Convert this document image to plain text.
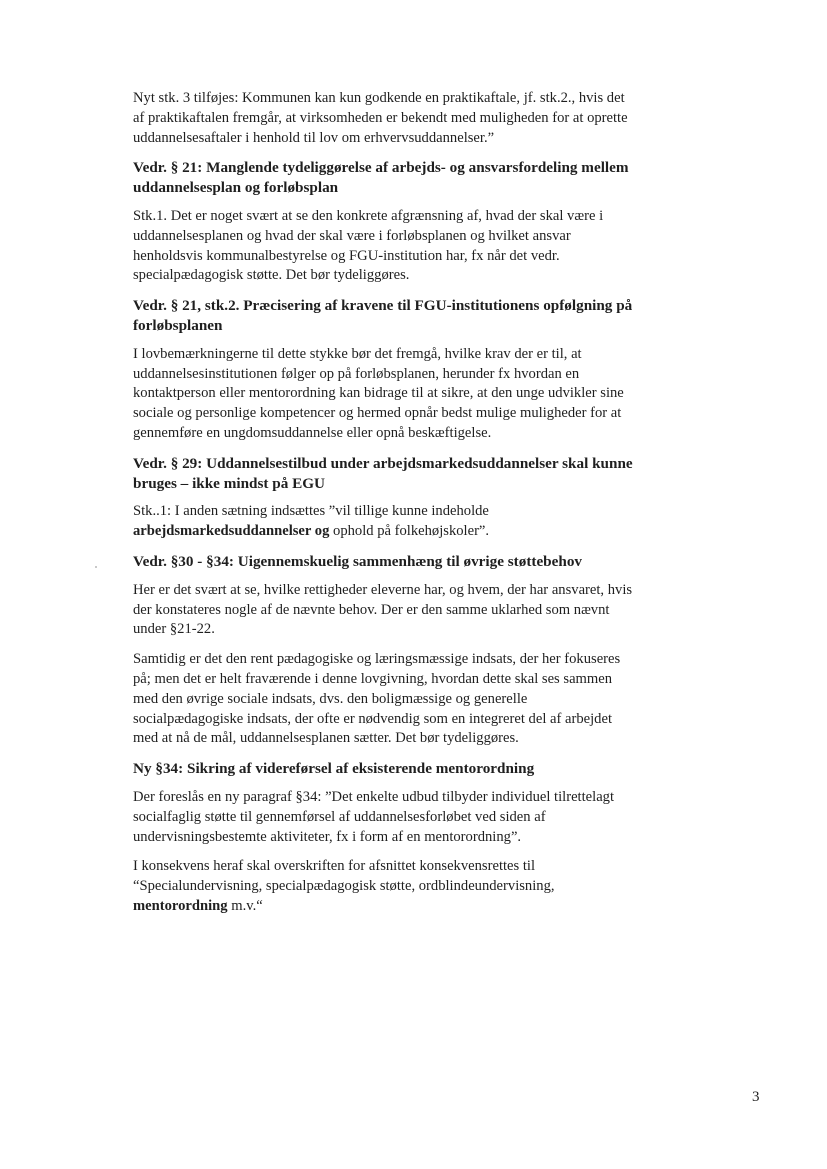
Nyt stk. 3 tilføjes: Kommunen kan kun godkende en praktikaftale, jf. stk.2., hvis det
af praktikaftalen fremgår, at virksomheden er bekendt med muligheden for at oprette
uddannelsesaftaler i henhold til lov om erhvervsuddannelser.”

Vedr. § 21: Manglende tydeliggørelse af arbejds- og ansvarsfordeling mellem
uddannelsesplan og forløbsplan

Stk.1. Det er noget svært at se den konkrete afgrænsning af, hvad der skal være i
uddannelsesplanen og hvad der skal være i forløbsplanen og hvilket ansvar
henholdsvis kommunalbestyrelse og FGU-institution har, fx når det vedr.
specialpædagogisk støtte. Det bør tydeliggøres.

Vedr. § 21, stk.2. Præcisering af kravene til FGU-institutionens opfølgning på
forløbsplanen

I lovbemærkningerne til dette stykke bør det fremgå, hvilke krav der er til, at
uddannelsesinstitutionen følger op på forløbsplanen, herunder fx hvordan en
kontaktperson eller mentorordning kan bidrage til at sikre, at den unge udvikler sine
sociale og personlige kompetencer og hermed opnår bedst mulige muligheder for at
gennemføre en ungdomsuddannelse eller opnå beskæftigelse.

Vedr. § 29: Uddannelsestilbud under arbejdsmarkedsuddannelser skal kunne
bruges – ikke mindst på EGU

Stk..1: I anden sætning indsættes ”vil tillige kunne indeholde
arbejdsmarkedsuddannelser og ophold på folkehøjskoler”.

Vedr. §30 - §34: Uigennemskuelig sammenhæng til øvrige støttebehov

Her er det svært at se, hvilke rettigheder eleverne har, og hvem, der har ansvaret, hvis
der konstateres nogle af de nævnte behov. Der er den samme uklarhed som nævnt
under §21-22.

Samtidig er det den rent pædagogiske og læringsmæssige indsats, der her fokuseres
på; men det er helt fraværende i denne lovgivning, hvordan dette skal ses sammen
med den øvrige sociale indsats, dvs. den boligmæssige og generelle
socialpædagogiske indsats, der ofte er nødvendig som en integreret del af arbejdet
med at nå de mål, uddannelsesplanen sætter. Det bør tydeliggøres.

Ny §34: Sikring af videreførsel af eksisterende mentorordning

Der foreslås en ny paragraf §34: ”Det enkelte udbud tilbyder individuel tilrettelagt
socialfaglig støtte til gennemførsel af uddannelsesforløbet ved siden af
undervisningsbestemte aktiviteter, fx i form af en mentorordning”.

I konsekvens heraf skal overskriften for afsnittet konsekvensrettes til
“Specialundervisning, specialpædagogisk støtte, ordblindeundervisning,
mentorordning m.v.“

3
